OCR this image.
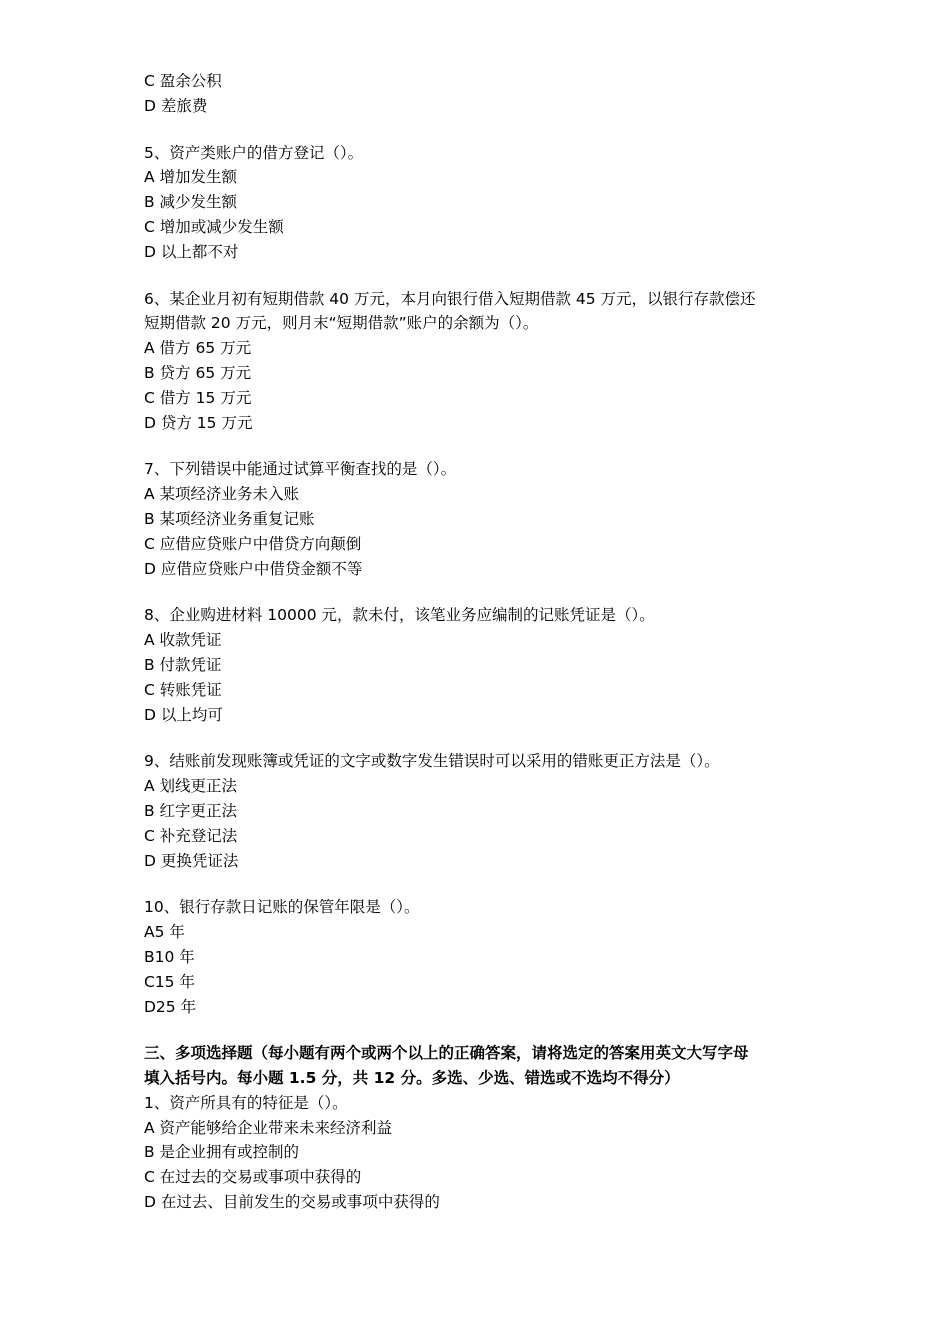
C 盈余公积
D 差旅费
5、资产类账户的借方登记（）。
A 增加发生额
B 减少发生额
C 增加或减少发生额
D 以上都不对
6、某企业月初有短期借款 40 万元，本月向银行借入短期借款 45 万元，以银行存款偿还
短期借款 20 万元，则月末“短期借款”账户的余额为（）。
A 借方 65 万元
B 贷方 65 万元
C 借方 15 万元
D 贷方 15 万元
7、下列错误中能通过试算平衡查找的是（）。
A 某项经济业务未入账
B 某项经济业务重复记账
C 应借应贷账户中借贷方向颠倒
D 应借应贷账户中借贷金额不等
8、企业购进材料 10000 元，款未付，该笔业务应编制的记账凭证是（）。
A 收款凭证
B 付款凭证
C 转账凭证
D 以上均可
9、结账前发现账簿或凭证的文字或数字发生错误时可以采用的错账更正方法是（）。
A 划线更正法
B 红字更正法
C 补充登记法
D 更换凭证法
10、银行存款日记账的保管年限是（）。
A5 年
B10 年
C15 年
D25 年
三、多项选择题（每小题有两个或两个以上的正确答案，请将选定的答案用英文大写字母
填入括号内。每小题 1.5 分，共 12 分。多选、少选、错选或不选均不得分）
1、资产所具有的特征是（）。
A 资产能够给企业带来未来经济利益
B 是企业拥有或控制的
C 在过去的交易或事项中获得的
D 在过去、目前发生的交易或事项中获得的
